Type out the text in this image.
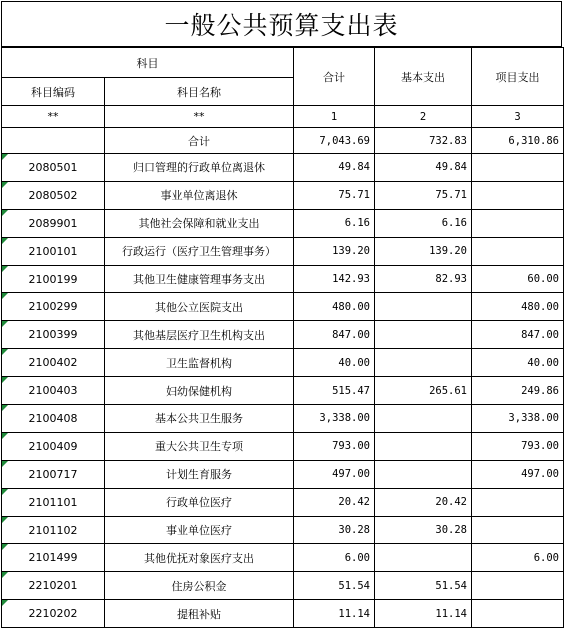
一般公共预算支出表
科目		合计	基本支出	项目支出
科目编码	科目名称			
**	**	1	2	3
	合计	7,043.69	732.83	6,310.86
2080501	归口管理的行政单位离退休	49.84	49.84	
2080502	事业单位离退休	75.71	75.71	
2089901	其他社会保障和就业支出	6.16	6.16	
2100101	行政运行（医疗卫生管理事务）	139.20	139.20	
2100199	其他卫生健康管理事务支出	142.93	82.93	60.00
2100299	其他公立医院支出	480.00		480.00
2100399	其他基层医疗卫生机构支出	847.00		847.00
2100402	卫生监督机构	40.00		40.00
2100403	妇幼保健机构	515.47	265.61	249.86
2100408	基本公共卫生服务	3,338.00		3,338.00
2100409	重大公共卫生专项	793.00		793.00
2100717	计划生育服务	497.00		497.00
2101101	行政单位医疗	20.42	20.42	
2101102	事业单位医疗	30.28	30.28	
2101499	其他优抚对象医疗支出	6.00		6.00
2210201	住房公积金	51.54	51.54	
2210202	提租补贴	11.14	11.14	
